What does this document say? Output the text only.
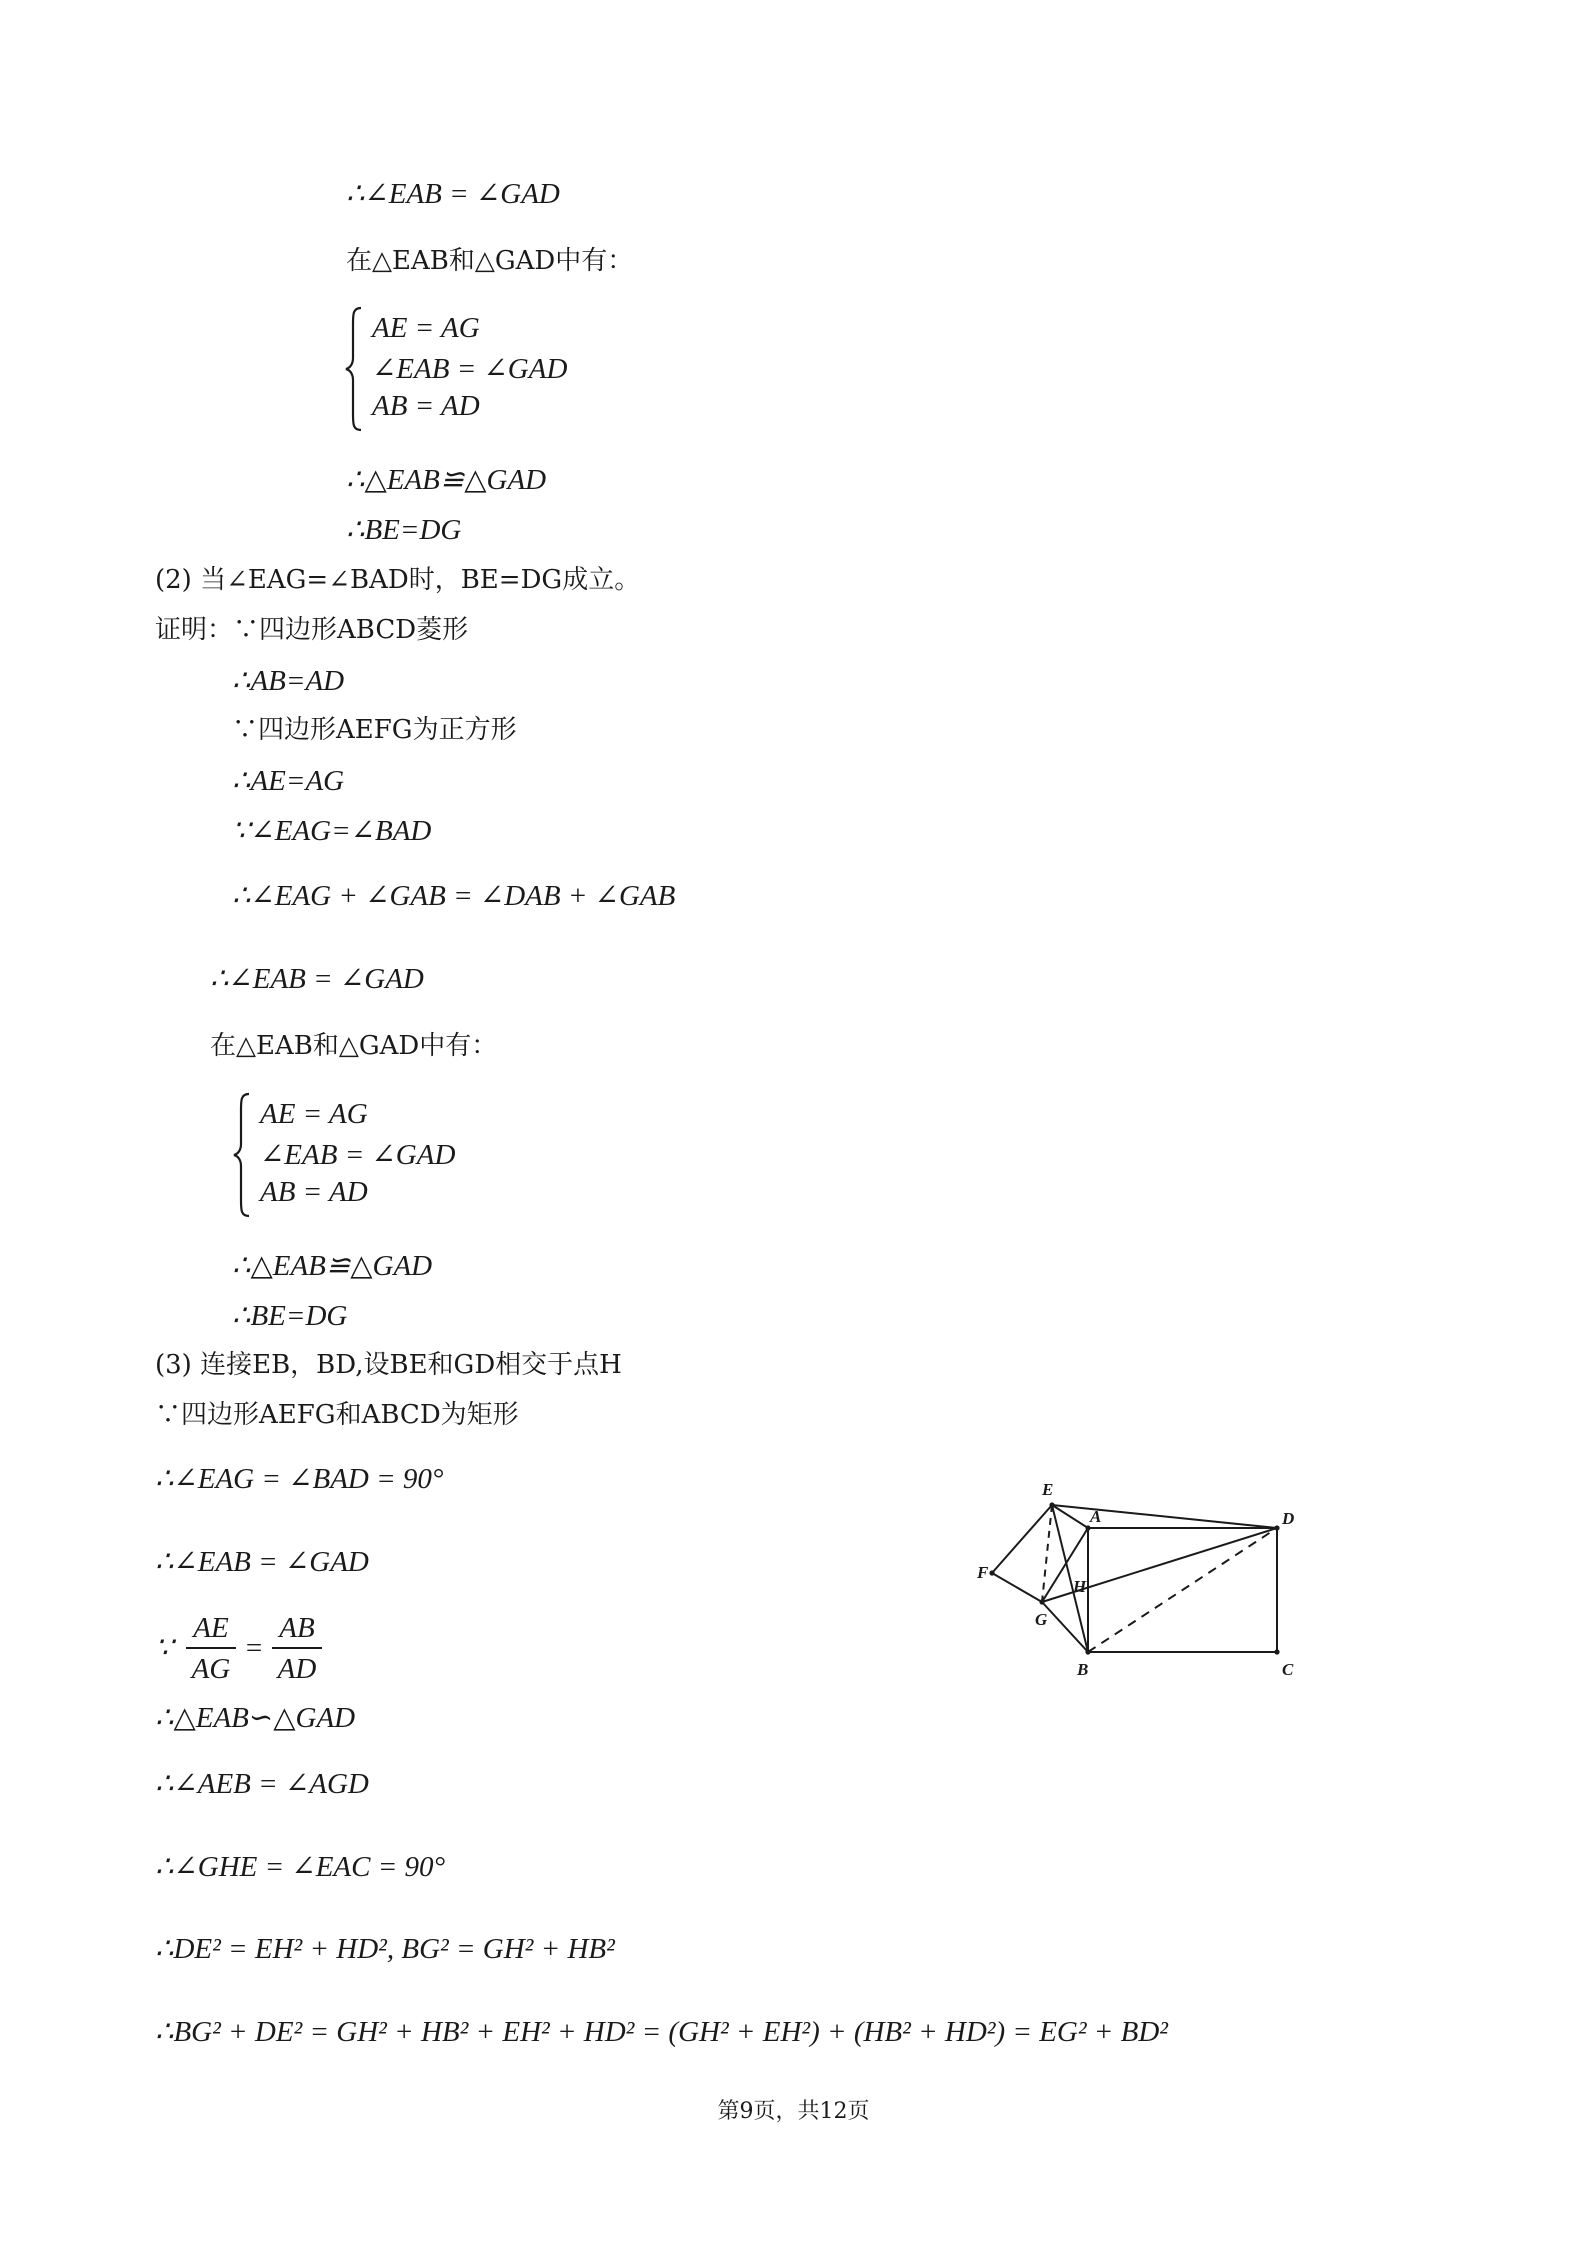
∴∠EAB = ∠GAD
在△EAB和△GAD中有：
AE = AG
∠EAB = ∠GAD
AB = AD
∴△EAB≌△GAD
∴BE=DG
(2) 当∠EAG=∠BAD时，BE=DG成立。
证明：∵四边形ABCD菱形
∴AB=AD
∵四边形AEFG为正方形
∴AE=AG
∵∠EAG=∠BAD
∴∠EAG + ∠GAB = ∠DAB + ∠GAB
∴∠EAB = ∠GAD
在△EAB和△GAD中有：
AE = AG
∠EAB = ∠GAD
AB = AD
∴△EAB≌△GAD
∴BE=DG
(3) 连接EB，BD,设BE和GD相交于点H
∵四边形AEFG和ABCD为矩形
∴∠EAG = ∠BAD = 90°
∴∠EAB = ∠GAD
∵
AE
AG
=
AB
AD
∴△EAB∽△GAD
∴∠AEB = ∠AGD
∴∠GHE = ∠EAC = 90°
∴DE² = EH² + HD², BG² = GH² + HB²
∴BG² + DE² = GH² + HB² + EH² + HD² = (GH² + EH²) + (HB² + HD²) = EG² + BD²
E
A	D
F
H
G
B	C
第9页，共12页
